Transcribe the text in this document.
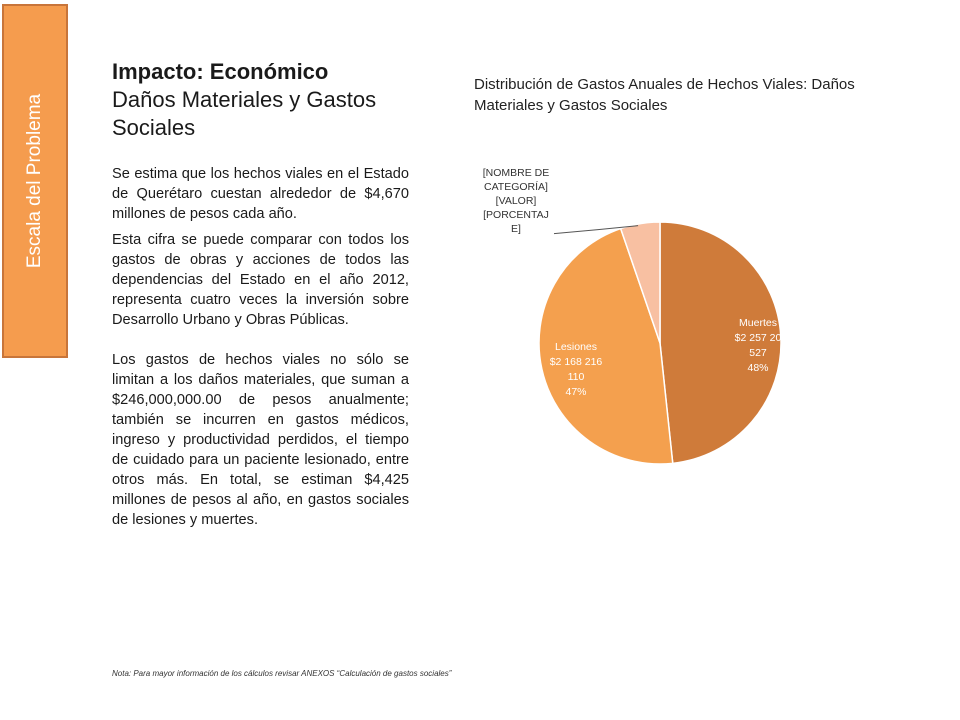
Escala del Problema
Impacto: Económico
Daños Materiales y Gastos Sociales

Se estima que los hechos viales en el Estado de Querétaro cuestan alrededor de $4,670 millones de pesos cada año.

Esta cifra se puede comparar con todos los gastos de obras y acciones de todos las dependencias del Estado en el año 2012, representa cuatro veces la inversión sobre Desarrollo Urbano y Obras Públicas.

Los gastos de hechos viales no sólo se limitan a los daños materiales, que suman a $246,000,000.00 de pesos anualmente; también se incurren en gastos médicos, ingreso y productividad perdidos, el tiempo de cuidado para un paciente lesionado, entre otros más. En total, se estiman $4,425 millones de pesos al año, en gastos sociales de lesiones y muertes.

Distribución de Gastos Anuales de Hechos Viales: Daños Materiales y Gastos Sociales
Muertes $2 257 20 527 48%
Lesiones $2 168 216 110 47%
[NOMBRE DE CATEGORÍA] [VALOR] [PORCENTAJ E]
Nota: Para mayor información de los cálculos revisar ANEXOS “Calculación de gastos sociales”
